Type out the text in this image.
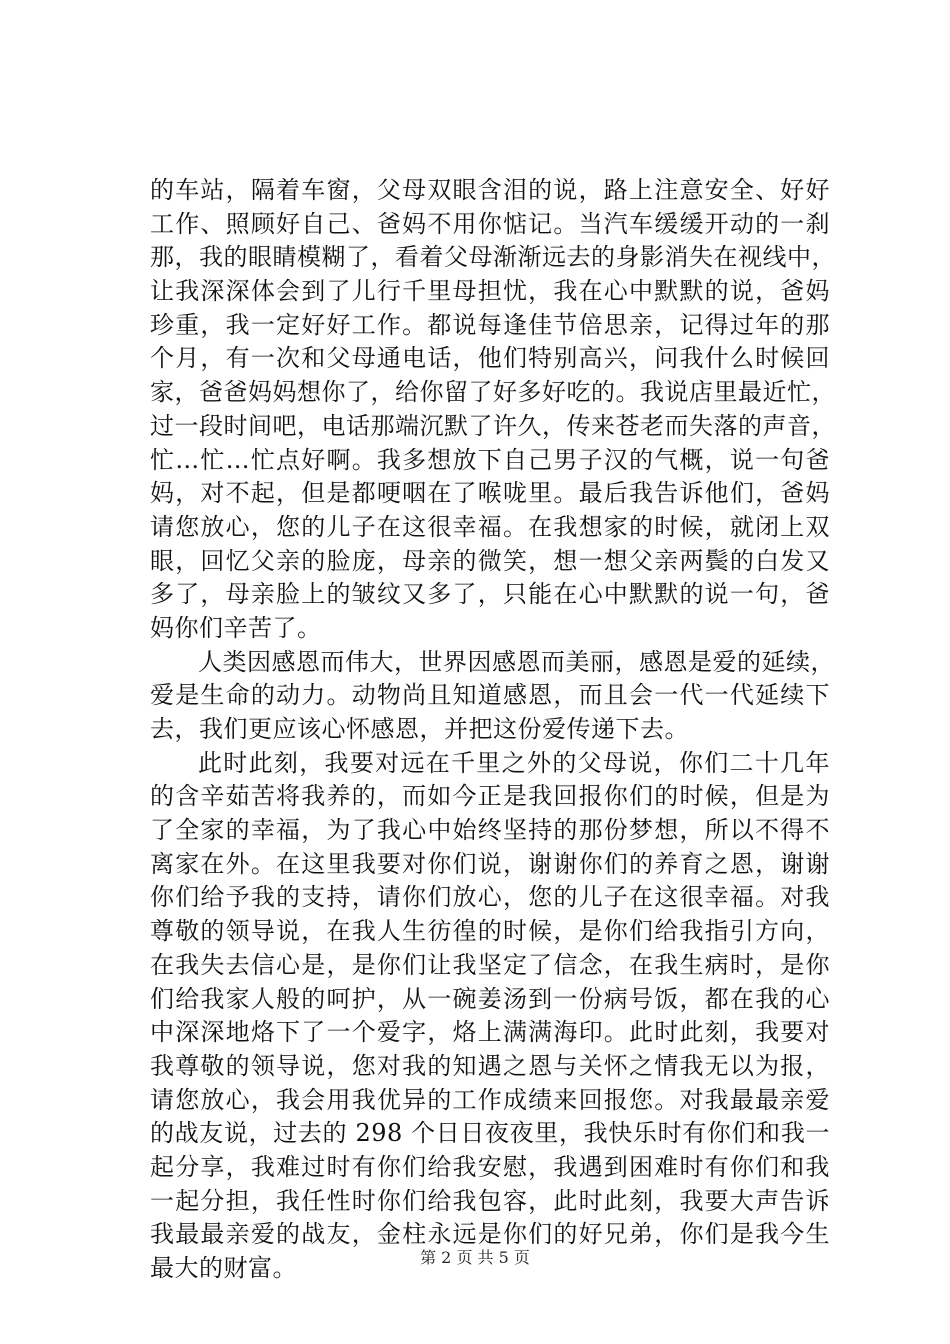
的车站，隔着车窗，父母双眼含泪的说，路上注意安全、好好
工作、照顾好自己、爸妈不用你惦记。当汽车缓缓开动的一刹
那，我的眼睛模糊了，看着父母渐渐远去的身影消失在视线中，
让我深深体会到了儿行千里母担忧，我在心中默默的说，爸妈
珍重，我一定好好工作。都说每逢佳节倍思亲，记得过年的那
个月，有一次和父母通电话，他们特别高兴，问我什么时候回
家，爸爸妈妈想你了，给你留了好多好吃的。我说店里最近忙，
过一段时间吧，电话那端沉默了许久，传来苍老而失落的声音，
忙…忙…忙点好啊。我多想放下自己男子汉的气概，说一句爸
妈，对不起，但是都哽咽在了喉咙里。最后我告诉他们，爸妈
请您放心，您的儿子在这很幸福。在我想家的时候，就闭上双
眼，回忆父亲的脸庞，母亲的微笑，想一想父亲两鬓的白发又
多了，母亲脸上的皱纹又多了，只能在心中默默的说一句，爸
妈你们辛苦了。
人类因感恩而伟大，世界因感恩而美丽，感恩是爱的延续，
爱是生命的动力。动物尚且知道感恩，而且会一代一代延续下
去，我们更应该心怀感恩，并把这份爱传递下去。
此时此刻，我要对远在千里之外的父母说，你们二十几年
的含辛茹苦将我养的，而如今正是我回报你们的时候，但是为
了全家的幸福，为了我心中始终坚持的那份梦想，所以不得不
离家在外。在这里我要对你们说，谢谢你们的养育之恩，谢谢
你们给予我的支持，请你们放心，您的儿子在这很幸福。对我
尊敬的领导说，在我人生彷徨的时候，是你们给我指引方向，
在我失去信心是，是你们让我坚定了信念，在我生病时，是你
们给我家人般的呵护，从一碗姜汤到一份病号饭，都在我的心
中深深地烙下了一个爱字，烙上满满海印。此时此刻，我要对
我尊敬的领导说，您对我的知遇之恩与关怀之情我无以为报，
请您放心，我会用我优异的工作成绩来回报您。对我最最亲爱
的战友说，过去的 298 个日日夜夜里，我快乐时有你们和我一
起分享，我难过时有你们给我安慰，我遇到困难时有你们和我
一起分担，我任性时你们给我包容，此时此刻，我要大声告诉
我最最亲爱的战友，金柱永远是你们的好兄弟，你们是我今生
最大的财富。	第 2 页 共 5 页
